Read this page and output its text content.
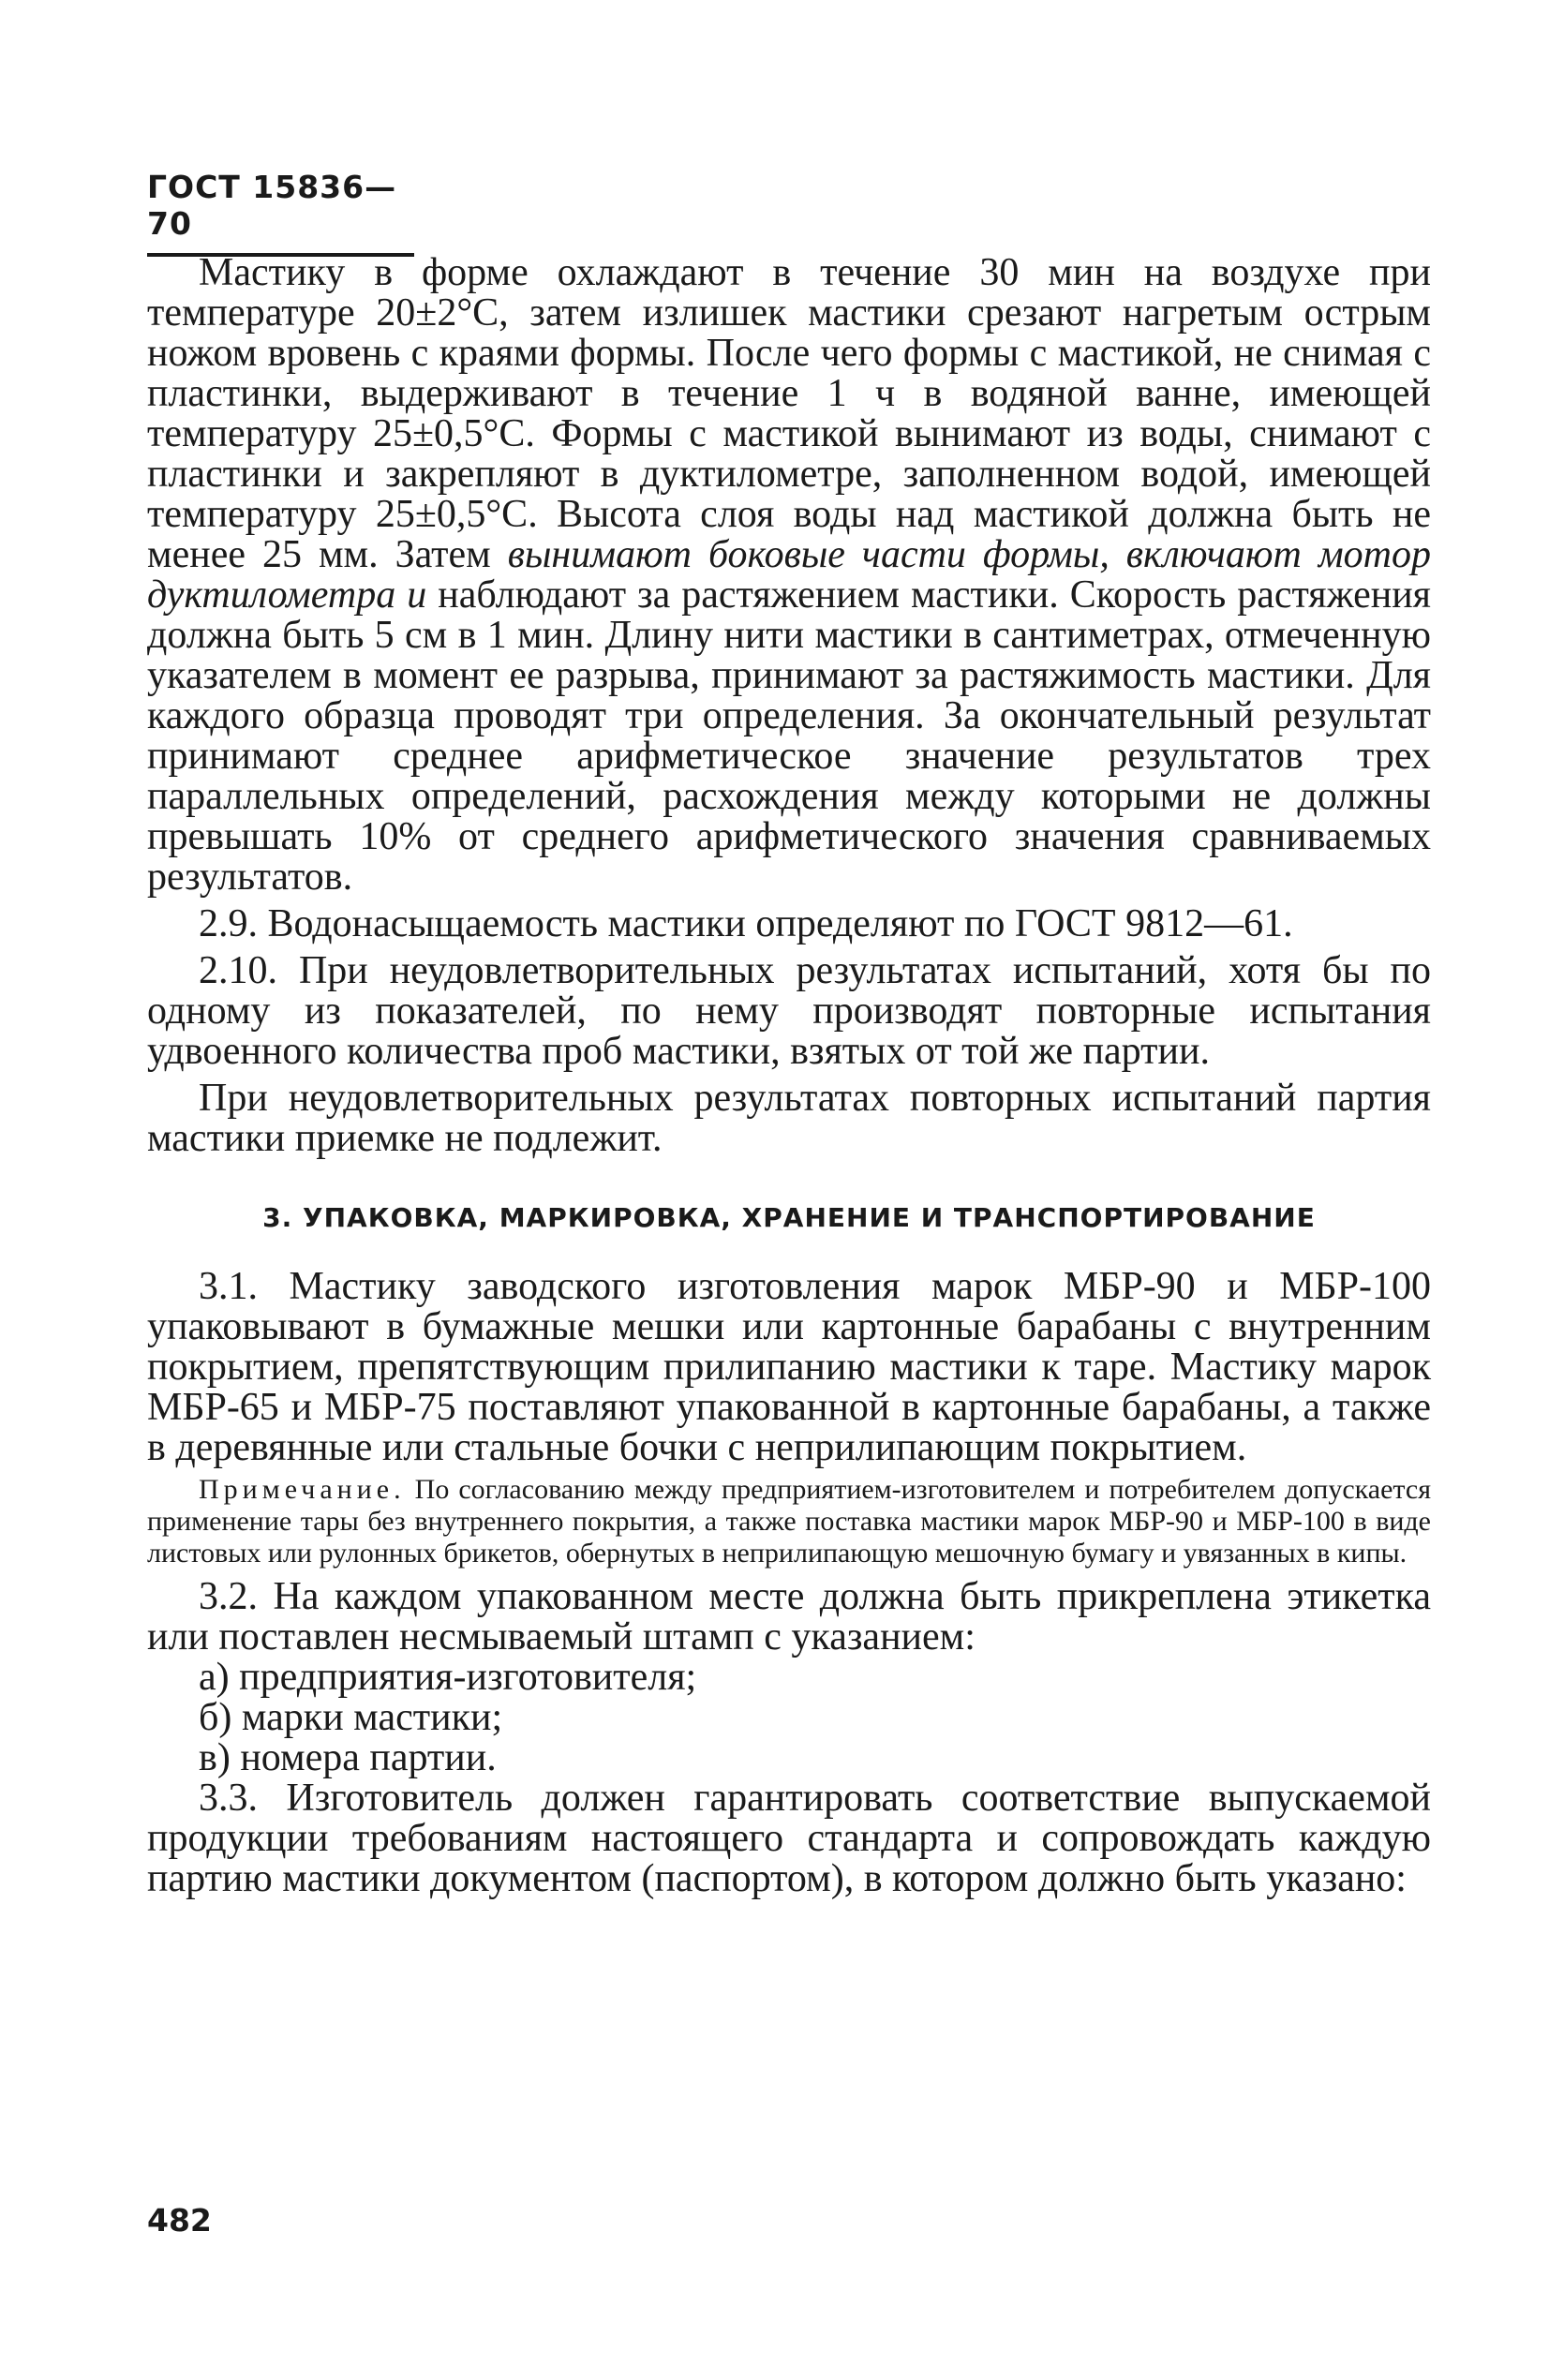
ГОСТ 15836—70

Мастику в форме охлаждают в течение 30 мин на воздухе при температуре 20±2°С, затем излишек мастики срезают нагретым острым ножом вровень с краями формы. После чего формы с мастикой, не снимая с пластинки, выдерживают в течение 1 ч в водяной ванне, имеющей температуру 25±0,5°С. Формы с мастикой вынимают из воды, снимают с пластинки и закрепляют в дуктилометре, заполненном водой, имеющей температуру 25±0,5°С. Высота слоя воды над мастикой должна быть не менее 25 мм. Затем вынимают боковые части формы, включают мотор дуктилометра и наблюдают за растяжением мастики. Скорость растяжения должна быть 5 см в 1 мин. Длину нити мастики в сантиметрах, отмеченную указателем в момент ее разрыва, принимают за растяжимость мастики. Для каждого образца проводят три определения. За окончательный результат принимают среднее арифметическое значение результатов трех параллельных определений, расхождения между которыми не должны превышать 10% от среднего арифметического значения сравниваемых результатов.

2.9. Водонасыщаемость мастики определяют по ГОСТ 9812—61.

2.10. При неудовлетворительных результатах испытаний, хотя бы по одному из показателей, по нему производят повторные испытания удвоенного количества проб мастики, взятых от той же партии.

При неудовлетворительных результатах повторных испытаний партия мастики приемке не подлежит.

3. УПАКОВКА, МАРКИРОВКА, ХРАНЕНИЕ И ТРАНСПОРТИРОВАНИЕ

3.1. Мастику заводского изготовления марок МБР-90 и МБР-100 упаковывают в бумажные мешки или картонные барабаны с внутренним покрытием, препятствующим прилипанию мастики к таре. Мастику марок МБР-65 и МБР-75 поставляют упакованной в картонные барабаны, а также в деревянные или стальные бочки с неприлипающим покрытием.

Примечание. По согласованию между предприятием-изготовителем и потребителем допускается применение тары без внутреннего покрытия, а также поставка мастики марок МБР-90 и МБР-100 в виде листовых или рулонных брикетов, обернутых в неприлипающую мешочную бумагу и увязанных в кипы.

3.2. На каждом упакованном месте должна быть прикреплена этикетка или поставлен несмываемый штамп с указанием:

а) предприятия-изготовителя;

б) марки мастики;

в) номера партии.

3.3. Изготовитель должен гарантировать соответствие выпускаемой продукции требованиям настоящего стандарта и сопровождать каждую партию мастики документом (паспортом), в котором должно быть указано:

482
